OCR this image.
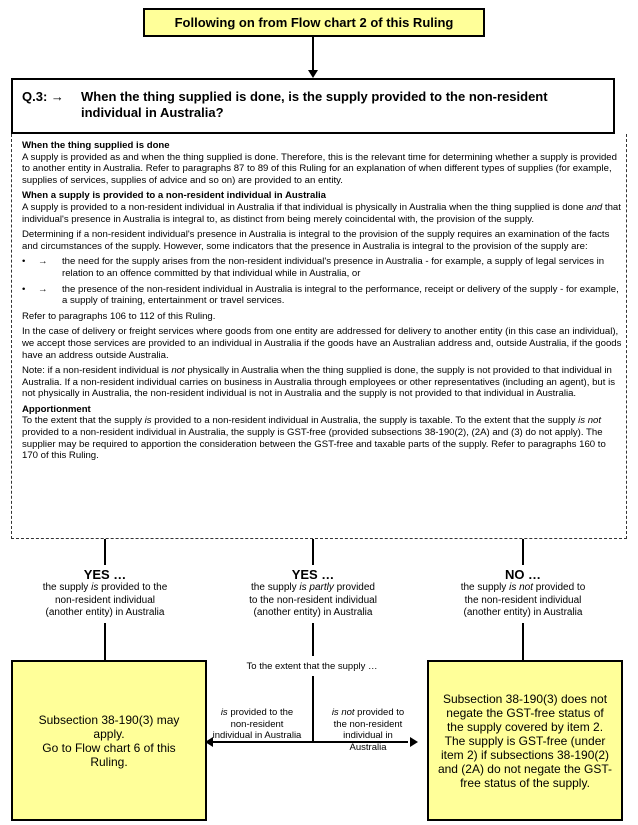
Following on from Flow chart 2 of this Ruling
Q.3: → When the thing supplied is done, is the supply provided to the non-resident individual in Australia?

When the thing supplied is done

A supply is provided as and when the thing supplied is done. Therefore, this is the relevant time for determining whether a supply is provided to another entity in Australia. Refer to paragraphs 87 to 89 of this Ruling for an explanation of when different types of supplies (for example, supplies of services, supplies of advice and so on) are provided to an entity.

When a supply is provided to a non-resident individual in Australia

A supply is provided to a non-resident individual in Australia if that individual is physically in Australia when the thing supplied is done and that individual's presence in Australia is integral to, as distinct from being merely coincidental with, the provision of the supply.

Determining if a non-resident individual's presence in Australia is integral to the provision of the supply requires an examination of the facts and circumstances of the supply. However, some indicators that the presence in Australia is integral to the provision of the supply are:

•	→	the need for the supply arises from the non-resident individual's presence in Australia - for example, a supply of legal services in relation to an offence committed by that individual while in Australia, or
•	→	the presence of the non-resident individual in Australia is integral to the performance, receipt or delivery of the supply - for example, a supply of training, entertainment or travel services.

Refer to paragraphs 106 to 112 of this Ruling.

In the case of delivery or freight services where goods from one entity are addressed for delivery to another entity (in this case an individual), we accept those services are provided to an individual in Australia if the goods have an Australian address and, outside Australia, if the goods have an address outside Australia.

Note: if a non-resident individual is not physically in Australia when the thing supplied is done, the supply is not provided to that individual in Australia. If a non-resident individual carries on business in Australia through employees or other representatives (including an agent), but is not physically in Australia, the non-resident individual is not in Australia and the supply is not provided to that individual in Australia.

Apportionment

To the extent that the supply is provided to a non-resident individual in Australia, the supply is taxable. To the extent that the supply is not provided to a non-resident individual in Australia, the supply is GST-free (provided subsections 38-190(2), (2A) and (3) do not apply). The supplier may be required to apportion the consideration between the GST-free and taxable parts of the supply. Refer to paragraphs 160 to 170 of this Ruling.

YES …
the supply is provided to the
non-resident individual
(another entity) in Australia
YES …
the supply is partly provided
to the non-resident individual
(another entity) in Australia
NO …
the supply is not provided to
the non-resident individual
(another entity) in Australia
To the extent that the supply …
is provided to the non-resident individual in Australia
is not provided to the non-resident individual in Australia
Subsection 38-190(3) may apply.
Go to Flow chart 6 of this Ruling.
Subsection 38-190(3) does not negate the GST-free status of the supply covered by item 2.
The supply is GST-free (under item 2) if subsections 38-190(2) and (2A) do not negate the GST-free status of the supply.
